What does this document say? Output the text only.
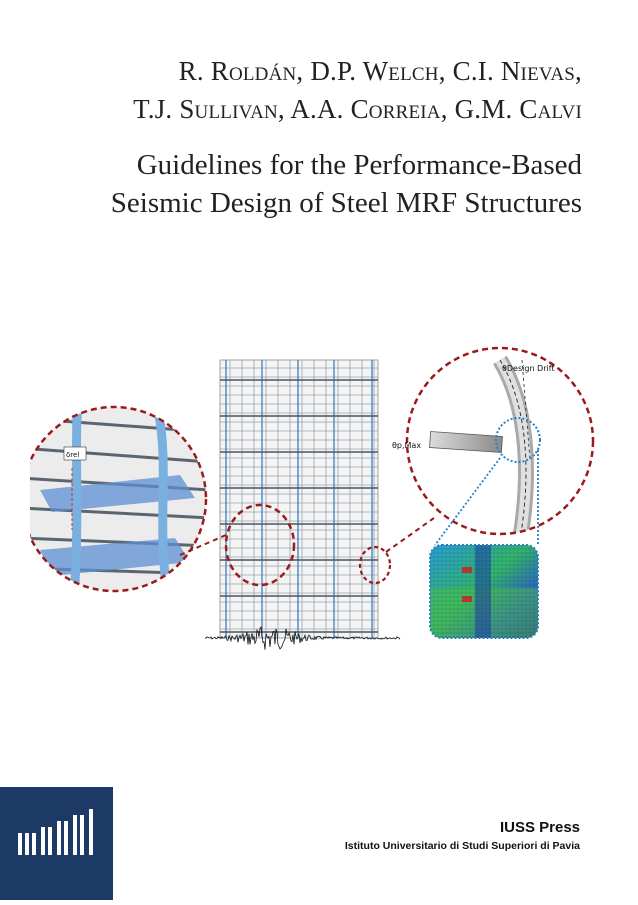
R. Roldán, D.P. Welch, C.I. Nievas,
T.J. Sullivan, A.A. Correia, G.M. Calvi
Guidelines for the Performance-Based
Seismic Design of Steel MRF Structures
δrel
θDesign Drift
θp,Max
IUSS Press
Istituto Universitario di Studi Superiori di Pavia
